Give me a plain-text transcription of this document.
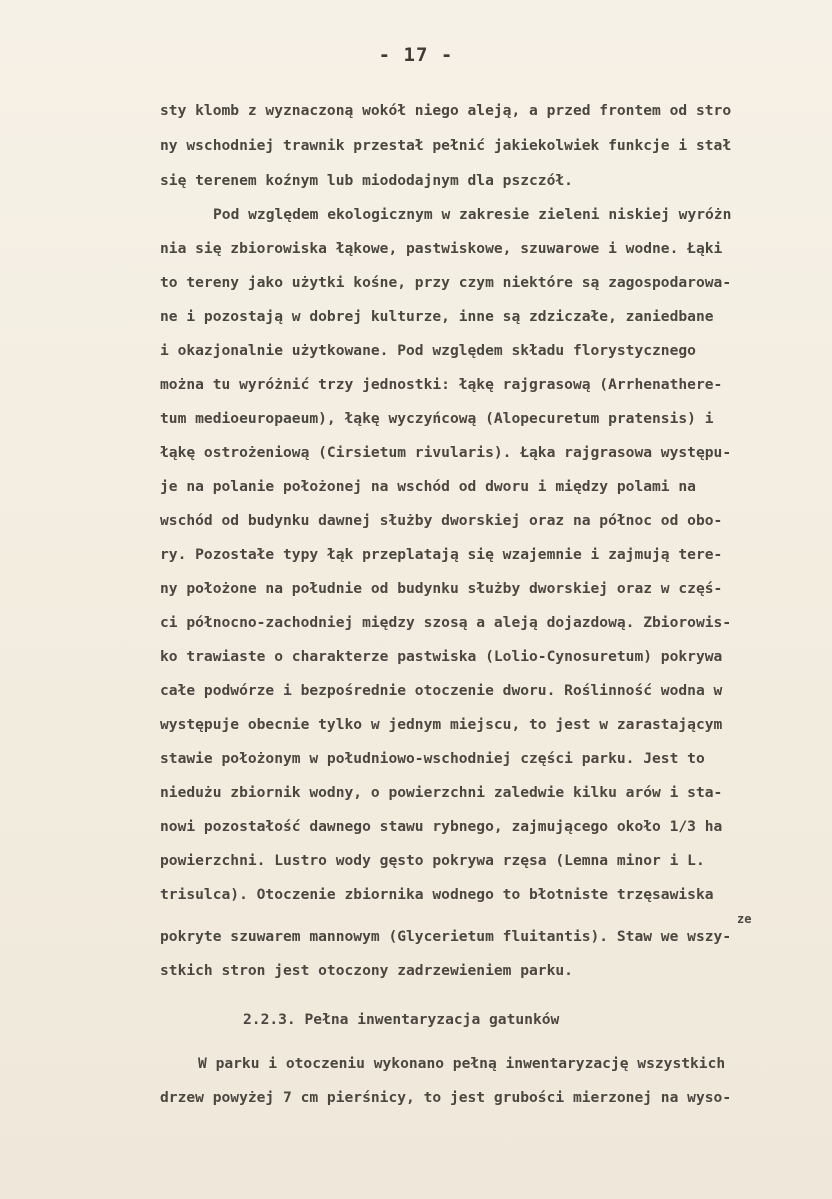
- 17 -
sty klomb z wyznaczoną wokół niego aleją, a przed frontem od stro
ny wschodniej trawnik przestał pełnić jakiekolwiek funkcje i stał
się terenem koźnym lub miododajnym dla pszczół.
Pod względem ekologicznym w zakresie zieleni niskiej wyróżn
nia się zbiorowiska łąkowe, pastwiskowe, szuwarowe i wodne. Łąki
to tereny jako użytki kośne, przy czym niektóre są zagospodarowa-
ne i pozostają w dobrej kulturze, inne są zdziczałe, zaniedbane
i okazjonalnie użytkowane. Pod względem składu florystycznego
można tu wyróżnić trzy jednostki: łąkę rajgrasową (Arrhenathere-
tum medioeuropaeum), łąkę wyczyńcową (Alopecuretum pratensis) i
łąkę ostrożeniową (Cirsietum rivularis). Łąka rajgrasowa występu-
je na polanie położonej na wschód od dworu i między polami na
wschód od budynku dawnej służby dworskiej oraz na północ od obo-
ry. Pozostałe typy łąk przeplatają się wzajemnie i zajmują tere-
ny położone na południe od budynku służby dworskiej oraz w częś-
ci północno-zachodniej między szosą a aleją dojazdową. Zbiorowis-
ko trawiaste o charakterze pastwiska (Lolio-Cynosuretum) pokrywa
całe podwórze i bezpośrednie otoczenie dworu. Roślinność wodna w
występuje obecnie tylko w jednym miejscu, to jest w zarastającym
stawie położonym w południowo-wschodniej części parku. Jest to
niedużu zbiornik wodny, o powierzchni zaledwie kilku arów i sta-
nowi pozostałość dawnego stawu rybnego, zajmującego około 1/3 ha
powierzchni. Lustro wody gęsto pokrywa rzęsa (Lemna minor i L.
trisulca). Otoczenie zbiornika wodnego to błotniste trzęsawiska
ze
pokryte szuwarem mannowym (Glycerietum fluitantis). Staw we wszy-
stkich stron jest otoczony zadrzewieniem parku.
2.2.3. Pełna inwentaryzacja gatunków
W parku i otoczeniu wykonano pełną inwentaryzację wszystkich
drzew powyżej 7 cm pierśnicy, to jest grubości mierzonej na wyso-
